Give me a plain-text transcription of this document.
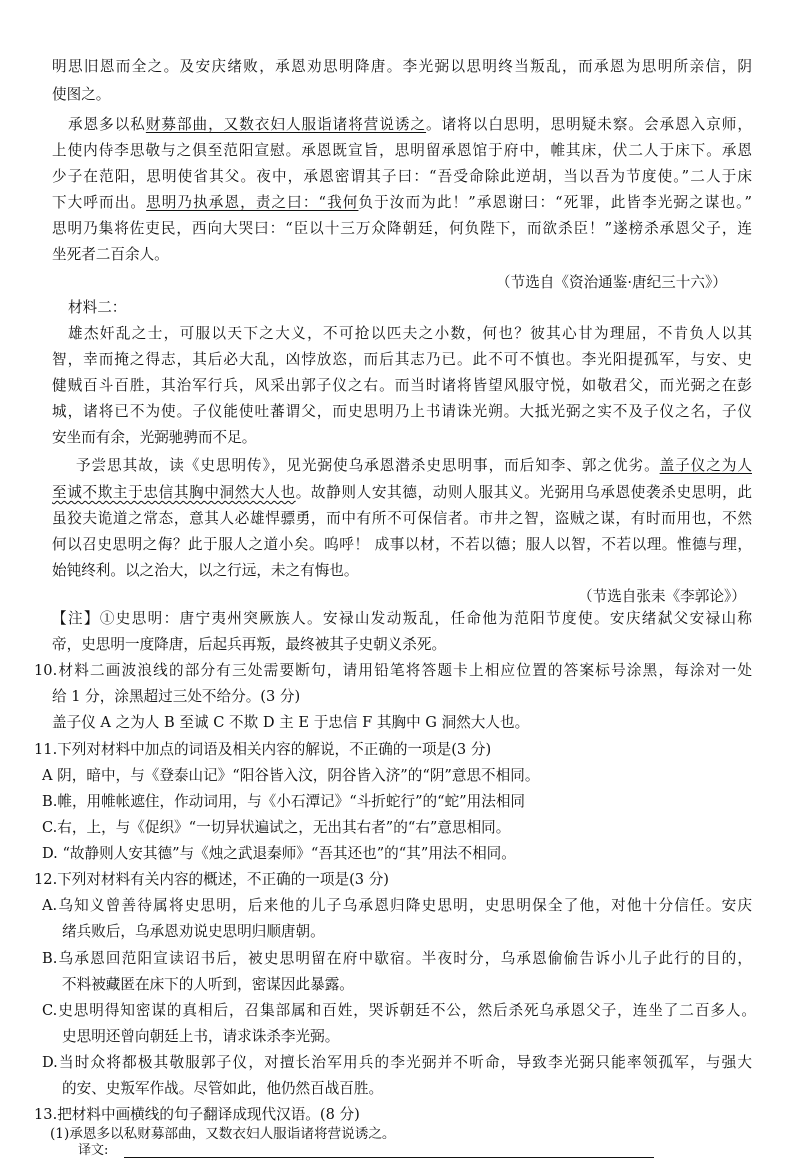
明思旧恩而全之。及安庆绪败，承恩劝思明降唐。李光弼以思明终当叛乱，而承恩为思明所亲信，阴
使图之。
承恩多以私财募部曲，又数衣妇人服诣诸将营说诱之。诸将以白思明，思明疑未察。会承恩入京师，
上使内侍李思敬与之俱至范阳宣慰。承恩既宣旨，思明留承恩馆于府中，帷其床，伏二人于床下。承恩
少子在范阳，思明使省其父。夜中，承恩密谓其子曰：“吾受命除此逆胡，当以吾为节度使。”二人于床
下大呼而出。思明乃执承恩，责之曰：“我何负于汝而为此！”承恩谢曰：“死罪，此皆李光弼之谋也。”
思明乃集将佐吏民，西向大哭曰：“臣以十三万众降朝廷，何负陛下，而欲杀臣！”遂榜杀承恩父子，连
坐死者二百余人。
（节选自《资治通鉴·唐纪三十六》）
材料二：
雄杰奸乱之士，可服以天下之大义，不可抢以匹夫之小数，何也？彼其心甘为理屈，不肯负人以其
智，幸而掩之得志，其后必大乱，凶悖放恣，而后其志乃已。此不可不慎也。李光阳提孤军，与安、史
健贼百斗百胜，其治军行兵，风采出郭子仪之右。而当时诸将皆望风服守悦，如敬君父，而光弼之在彭
城，诸将已不为使。子仪能使吐蕃谓父，而史思明乃上书请诛光朔。大抵光弼之实不及子仪之名，子仪
安坐而有余，光弼驰骋而不足。
予尝思其故，读《史思明传》，见光弼使乌承恩潜杀史思明事，而后知李、郭之优劣。盖子仪之为人
至诚不欺主于忠信其胸中洞然大人也。故静则人安其德，动则人服其义。光弼用乌承恩使袭杀史思明，此
虽狡夫诡道之常态，意其人必雄悍骠勇，而中有所不可保信者。市井之智，盗贼之谋，有时而用也，不然
何以召史思明之侮？此于服人之道小矣。呜呼！ 成事以材，不若以德；服人以智，不若以理。惟德与理，
始钝终利。以之治大，以之行远，未之有悔也。
（节选自张耒《李郭论》）
【注】①史思明：唐宁夷州突厥族人。安禄山发动叛乱，任命他为范阳节度使。安庆绪弑父安禄山称
帝，史思明一度降唐，后起兵再叛，最终被其子史朝义杀死。
10.材料二画波浪线的部分有三处需要断句，请用铅笔将答题卡上相应位置的答案标号涂黑，每涂对一处
给 1 分，涂黑超过三处不给分。(3 分)
盖子仪 A 之为人 B 至诚 C 不欺 D 主 E 于忠信 F 其胸中 G 洞然大人也。
11.下列对材料中加点的词语及相关内容的解说，不正确的一项是(3 分)
A 阴，暗中，与《登泰山记》“阳谷皆入汶，阴谷皆入济”的“阴”意思不相同。
B.帷，用帷帐遮住，作动词用，与《小石潭记》“斗折蛇行”的“蛇”用法相同
C.右，上，与《促织》“一切异状遍试之，无出其右者”的“右”意思相同。
D. “故静则人安其德”与《烛之武退秦师》“吾其还也”的“其”用法不相同。
12.下列对材料有关内容的概述，不正确的一项是(3 分)
A.乌知义曾善待属将史思明，后来他的儿子乌承恩归降史思明，史思明保全了他，对他十分信任。安庆
绪兵败后，乌承恩劝说史思明归顺唐朝。
B.乌承恩回范阳宣读诏书后，被史思明留在府中歇宿。半夜时分，乌承恩偷偷告诉小儿子此行的目的，
不料被藏匿在床下的人听到，密谋因此暴露。
C.史思明得知密谋的真相后，召集部属和百姓，哭诉朝廷不公，然后杀死乌承恩父子，连坐了二百多人。
史思明还曾向朝廷上书，请求诛杀李光弼。
D.当时众将都极其敬服郭子仪，对擅长治军用兵的李光弼并不听命，导致李光弼只能率领孤军，与强大
的安、史叛军作战。尽管如此，他仍然百战百胜。
13.把材料中画横线的句子翻译成现代汉语。(8 分)
(1)承恩多以私财募部曲，又数衣妇人服诣诸将营说诱之。
译文:
